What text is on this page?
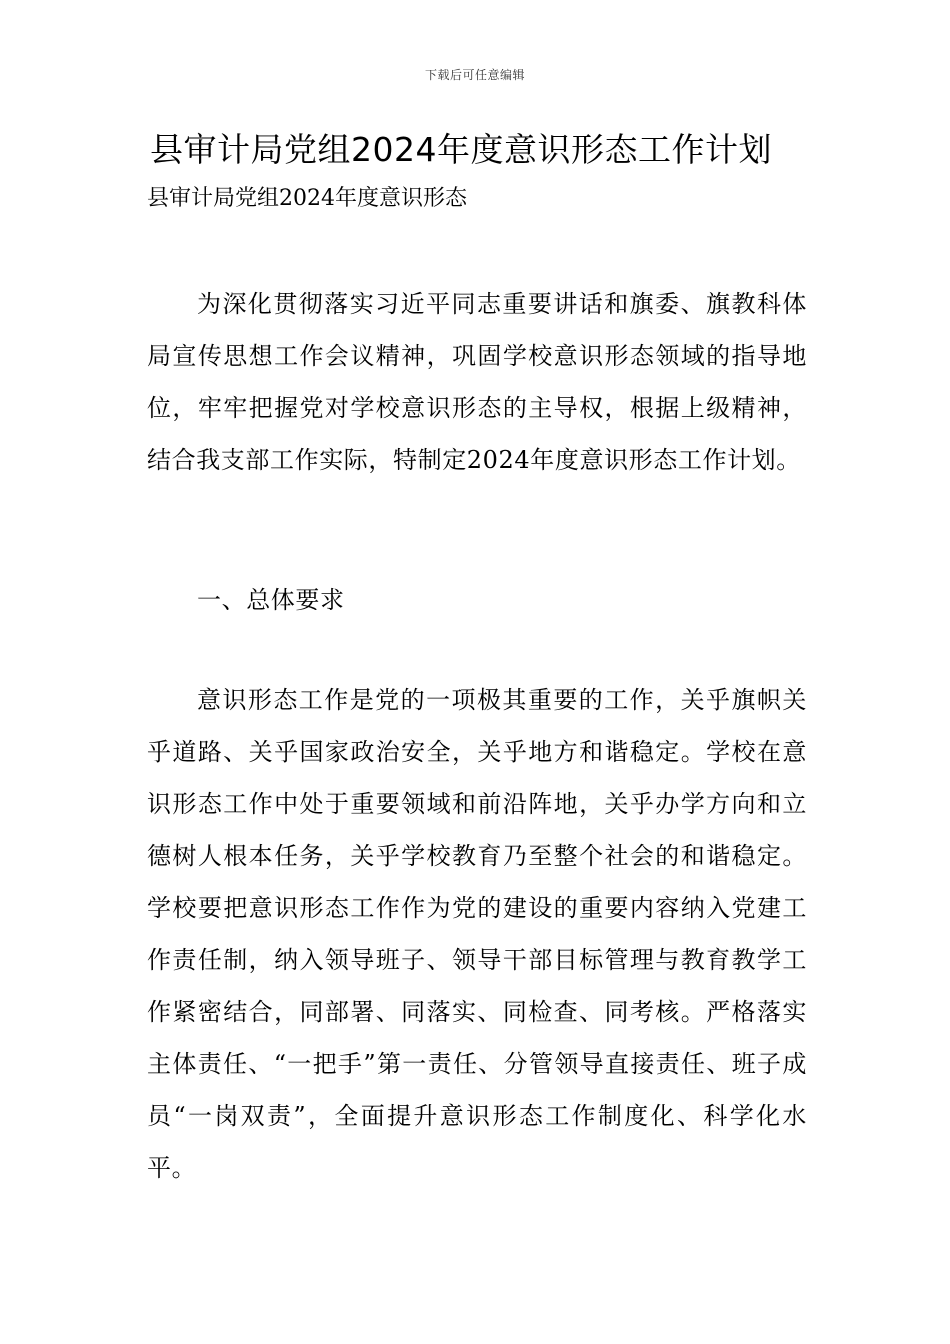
下载后可任意编辑
县审计局党组2024年度意识形态工作计划

县审计局党组2024年度意识形态

为深化贯彻落实习近平同志重要讲话和旗委、旗教科体局宣传思想工作会议精神，巩固学校意识形态领域的指导地位，牢牢把握党对学校意识形态的主导权，根据上级精神，结合我支部工作实际，特制定2024年度意识形态工作计划。

一、总体要求

意识形态工作是党的一项极其重要的工作，关乎旗帜关乎道路、关乎国家政治安全，关乎地方和谐稳定。学校在意识形态工作中处于重要领域和前沿阵地，关乎办学方向和立德树人根本任务，关乎学校教育乃至整个社会的和谐稳定。学校要把意识形态工作作为党的建设的重要内容纳入党建工作责任制，纳入领导班子、领导干部目标管理与教育教学工作紧密结合，同部署、同落实、同检查、同考核。严格落实主体责任、“一把手”第一责任、分管领导直接责任、班子成员“一岗双责”，全面提升意识形态工作制度化、科学化水平。
